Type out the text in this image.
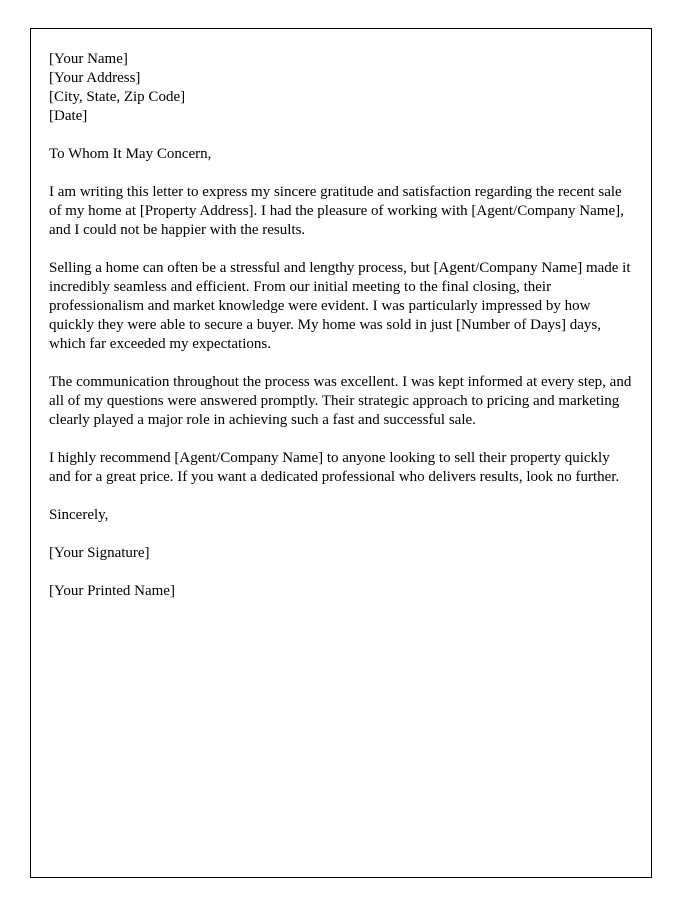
[Your Name]

[Your Address]

[City, State, Zip Code]

[Date]

To Whom It May Concern,

I am writing this letter to express my sincere gratitude and satisfaction regarding the recent sale of my home at [Property Address]. I had the pleasure of working with [Agent/Company Name], and I could not be happier with the results.

Selling a home can often be a stressful and lengthy process, but [Agent/Company Name] made it incredibly seamless and efficient. From our initial meeting to the final closing, their professionalism and market knowledge were evident. I was particularly impressed by how quickly they were able to secure a buyer. My home was sold in just [Number of Days] days, which far exceeded my expectations.

The communication throughout the process was excellent. I was kept informed at every step, and all of my questions were answered promptly. Their strategic approach to pricing and marketing clearly played a major role in achieving such a fast and successful sale.

I highly recommend [Agent/Company Name] to anyone looking to sell their property quickly and for a great price. If you want a dedicated professional who delivers results, look no further.

Sincerely,

[Your Signature]

[Your Printed Name]
